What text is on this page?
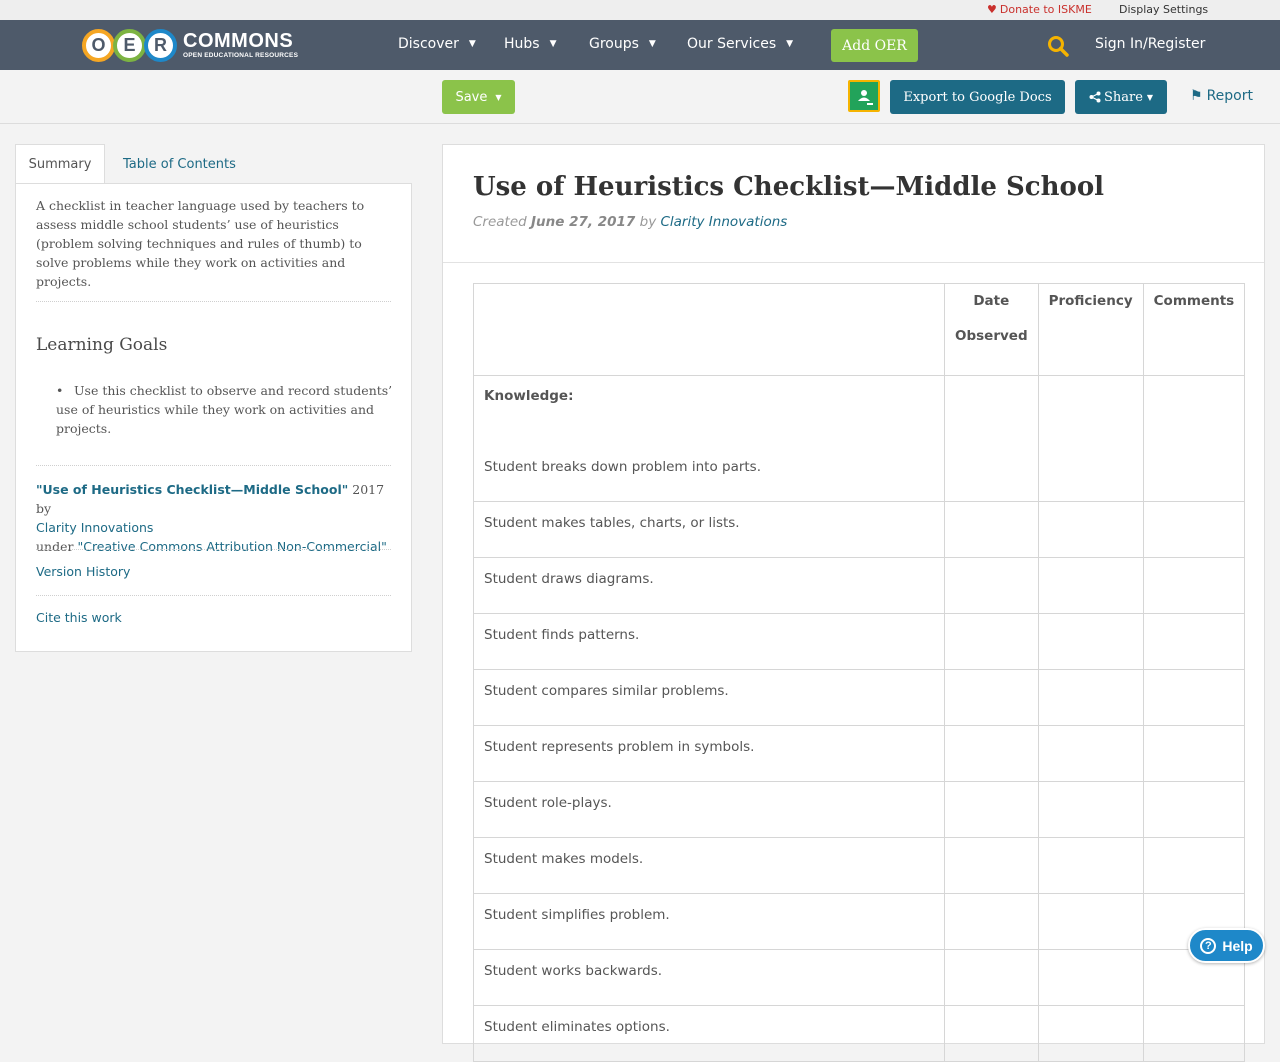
♥ Donate to ISKME Display Settings
O E	R COMMONS
OPEN EDUCATIONAL RESOURCES
Discover ▼ Hubs ▼ Groups ▼ Our Services ▼	Add OER	Sign In/Register
Save ▼	Export to Google Docs	Share ▼	⚑ Report
Summary	Table of Contents
A checklist in teacher language used by teachers to assess middle school students’ use of heuristics (problem solving techniques and rules of thumb) to solve problems while they work on activities and projects.
Learning Goals
• Use this checklist to observe and record students’ use of heuristics while they work on activities and projects.
"Use of Heuristics Checklist—Middle School" 2017 by
Clarity Innovations
under "Creative Commons Attribution Non-Commercial"
Version History
Cite this work
Use of Heuristics Checklist—Middle School
Created June 27, 2017 by Clarity Innovations
	Date Observed	Proficiency	Comments

Knowledge:
Student breaks down problem into parts.			
Student makes tables, charts, or lists.			
Student draws diagrams.			
Student finds patterns.			
Student compares similar problems.			
Student represents problem in symbols.			
Student role-plays.			
Student makes models.			
Student simplifies problem.			
Student works backwards.			
Student eliminates options.			
? Help
